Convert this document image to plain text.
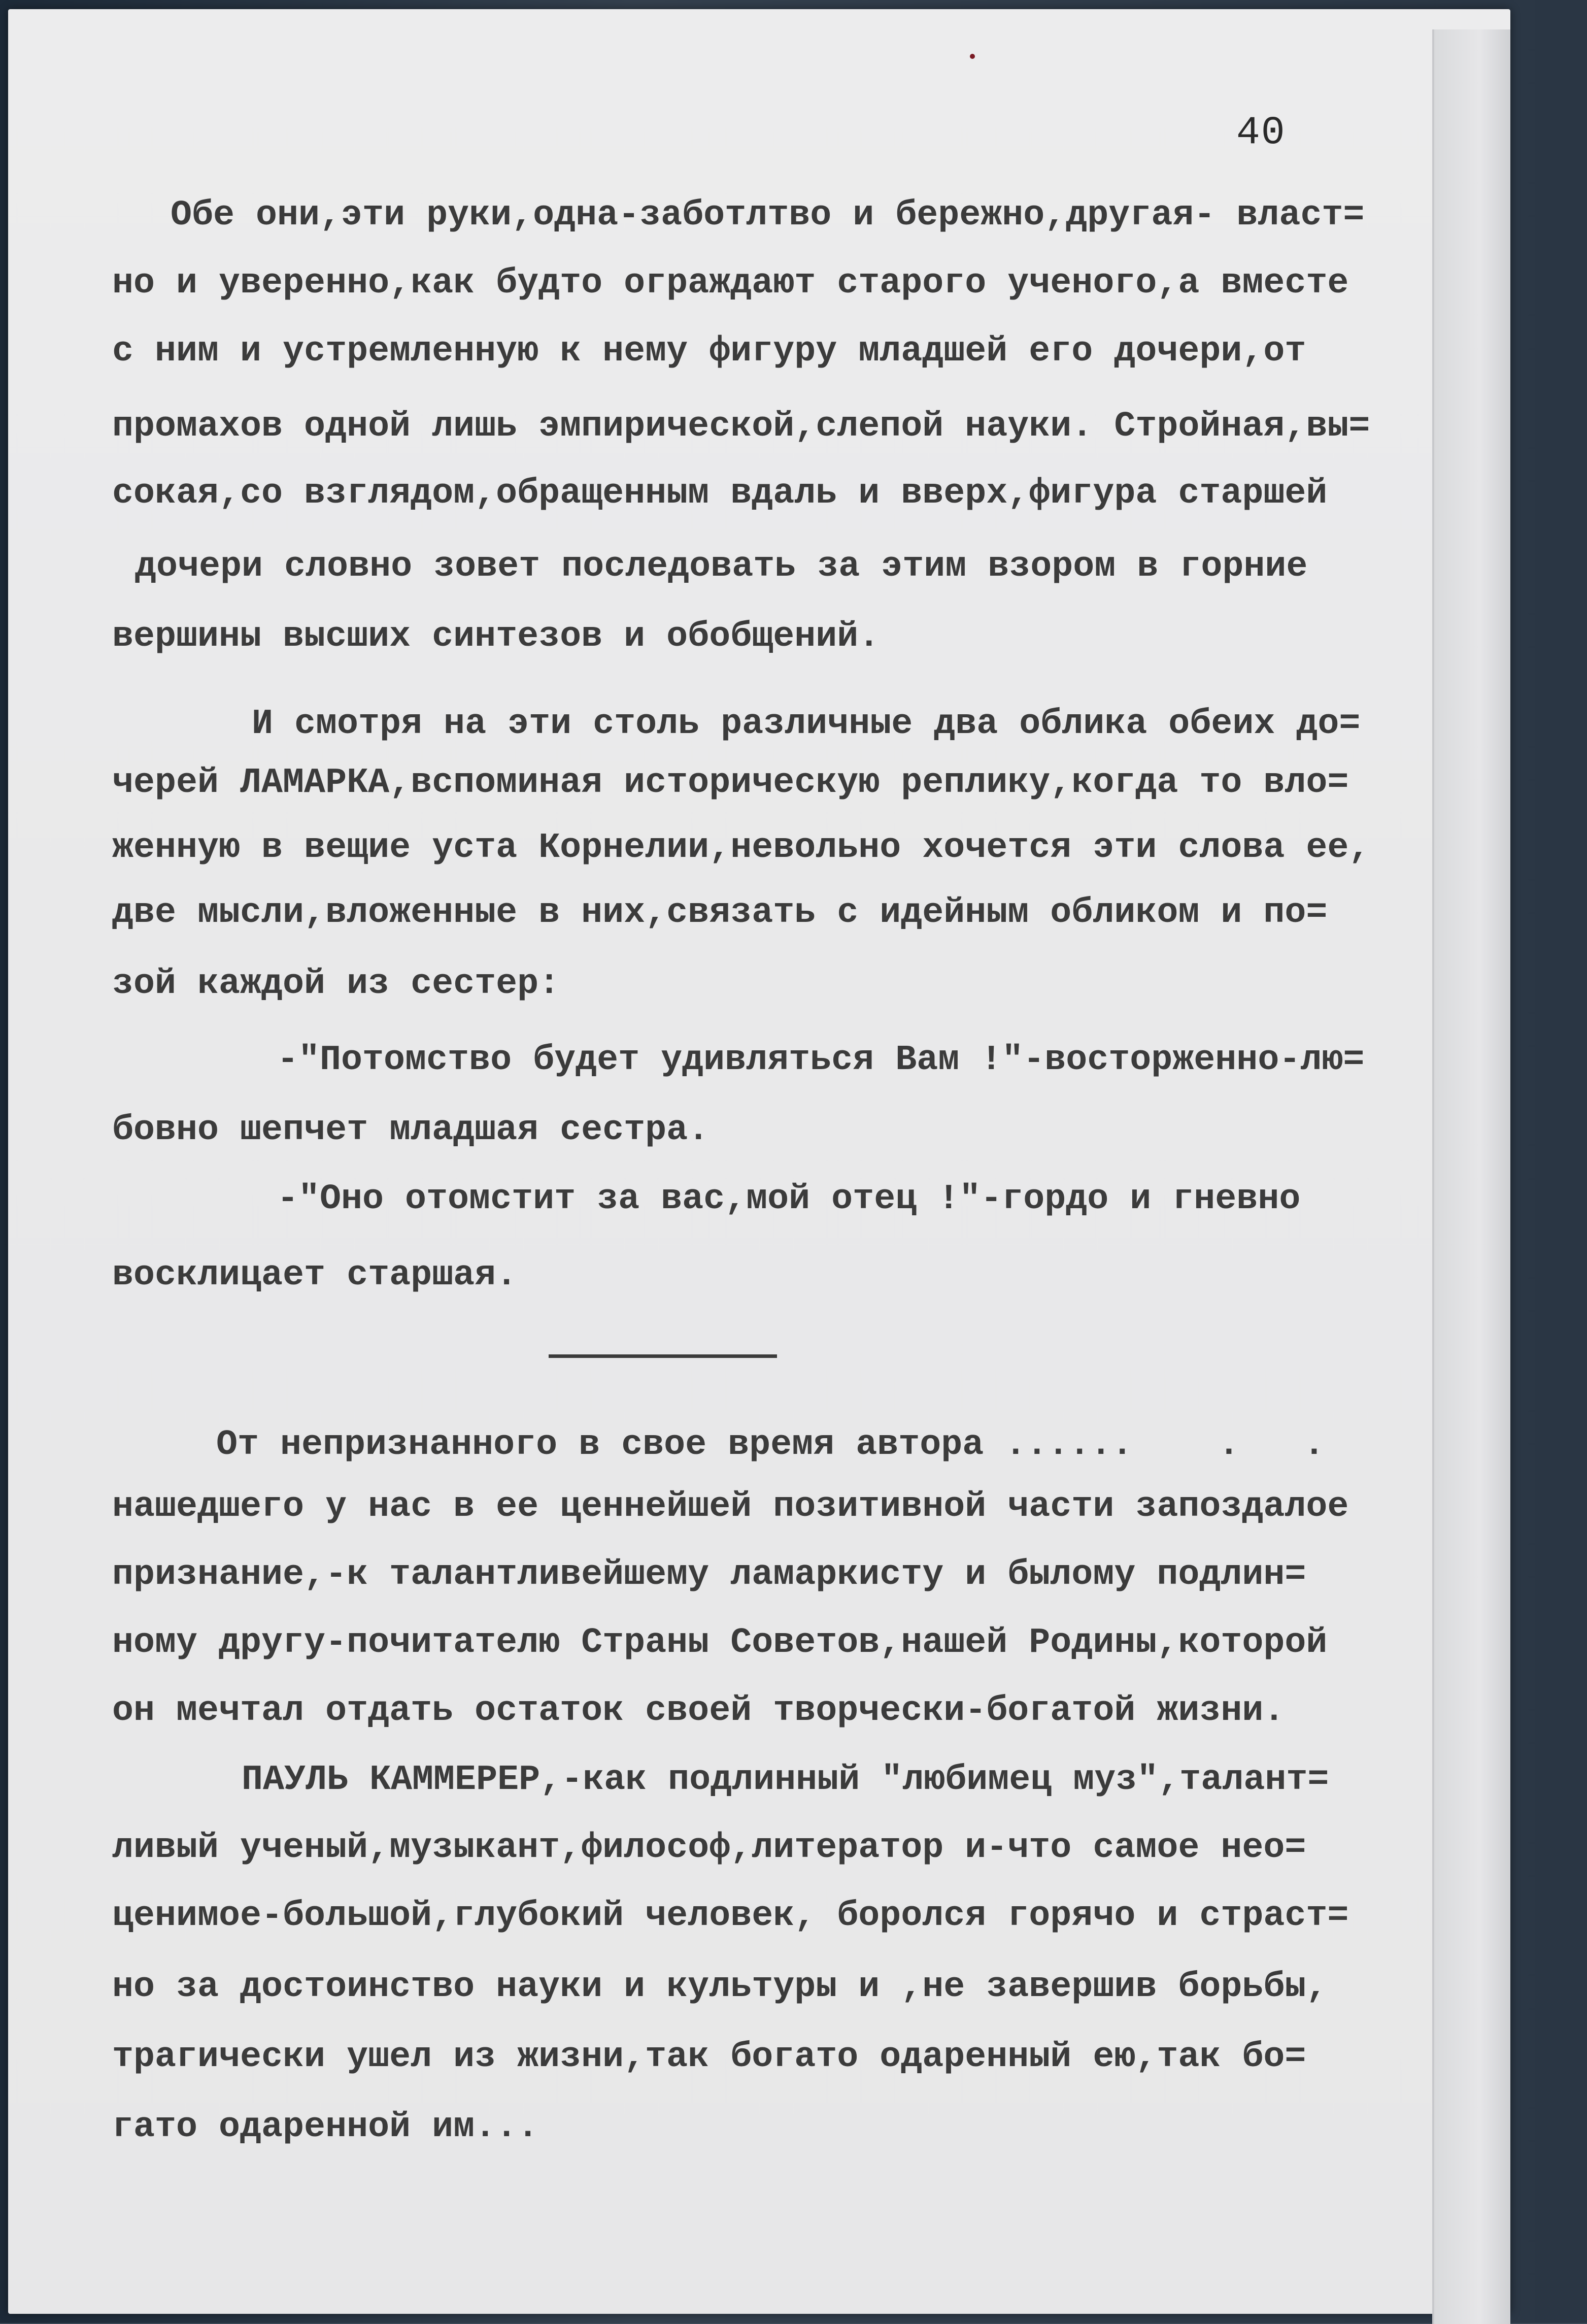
40
Обе они,эти руки,одна-заботлтво и бережно,другая- власт=
но и уверенно,как будто ограждают старого ученого,а вместе
с ним и устремленную к нему фигуру младшей его дочери,от
промахов одной лишь эмпирической,слепой науки. Стройная,вы=
сокая,со взглядом,обращенным вдаль и вверх,фигура старшей
дочери словно зовет последовать за этим взором в горние
вершины высших синтезов и обобщений.
И смотря на эти столь различные два облика обеих до=
черей ЛАМАРКА,вспоминая историческую реплику,когда то вло=
женную в вещие уста Корнелии,невольно хочется эти слова ее,
две мысли,вложенные в них,связать с идейным обликом и по=
зой каждой из сестер:
-"Потомство будет удивляться Вам !"-восторженно-лю=
бовно шепчет младшая сестра.
-"Оно отомстит за вас,мой отец !"-гордо и гневно
восклицает старшая.
От непризнанного в свое время автора ......    .   .
нашедшего у нас в ее ценнейшей позитивной части запоздалое
признание,-к талантливейшему ламаркисту и былому подлин=
ному другу-почитателю Страны Советов,нашей Родины,которой
он мечтал отдать остаток своей творчески-богатой жизни.
ПАУЛЬ КАММЕРЕР,-как подлинный "любимец муз",талант=
ливый ученый,музыкант,философ,литератор и-что самое нео=
ценимое-большой,глубокий человек, боролся горячо и страст=
но за достоинство науки и культуры и ,не завершив борьбы,
трагически ушел из жизни,так богато одаренный ею,так бо=
гато одаренной им...
